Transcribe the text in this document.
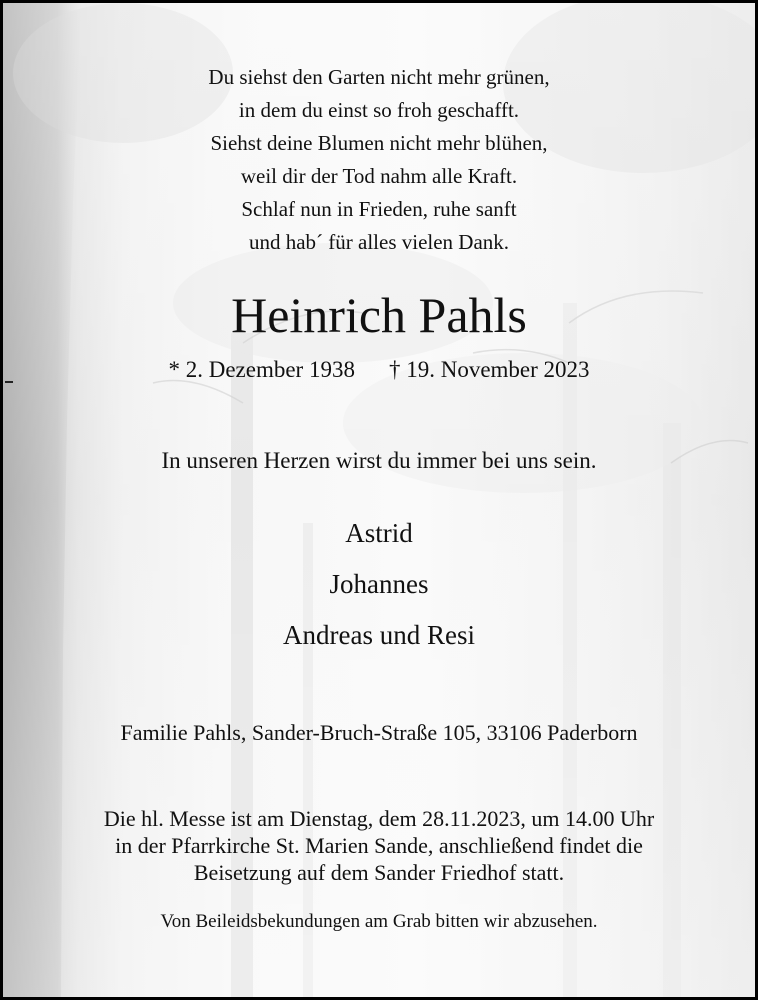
Du siehst den Garten nicht mehr grünen,
in dem du einst so froh geschafft.
Siehst deine Blumen nicht mehr blühen,
weil dir der Tod nahm alle Kraft.
Schlaf nun in Frieden, ruhe sanft
und hab´ für alles vielen Dank.
Heinrich Pahls
* 2. Dezember 1938 † 19. November 2023
In unseren Herzen wirst du immer bei uns sein.
Astrid
Johannes
Andreas und Resi
Familie Pahls, Sander-Bruch-Straße 105, 33106 Paderborn
Die hl. Messe ist am Dienstag, dem 28.11.2023, um 14.00 Uhr
in der Pfarrkirche St. Marien Sande, anschließend findet die
Beisetzung auf dem Sander Friedhof statt.
Von Beileidsbekundungen am Grab bitten wir abzusehen.
